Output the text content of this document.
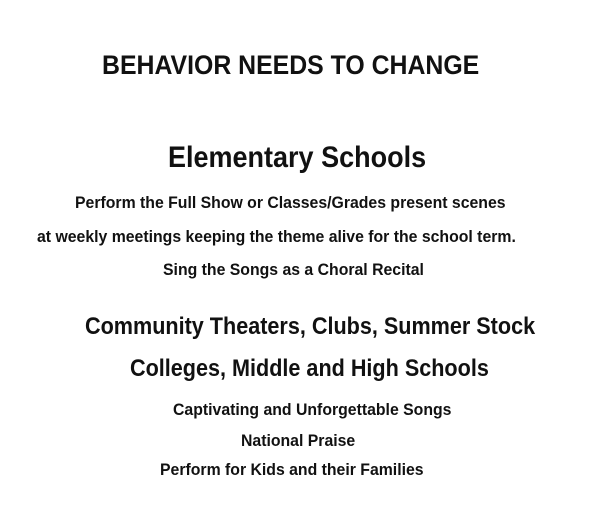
BEHAVIOR NEEDS TO CHANGE
Elementary Schools
Perform the Full Show or Classes/Grades present scenes
at weekly meetings keeping the theme alive for the school term.
Sing the Songs as a Choral Recital
Community Theaters, Clubs, Summer Stock
Colleges, Middle and High Schools
Captivating and Unforgettable Songs
National Praise
Perform for Kids and their Families
